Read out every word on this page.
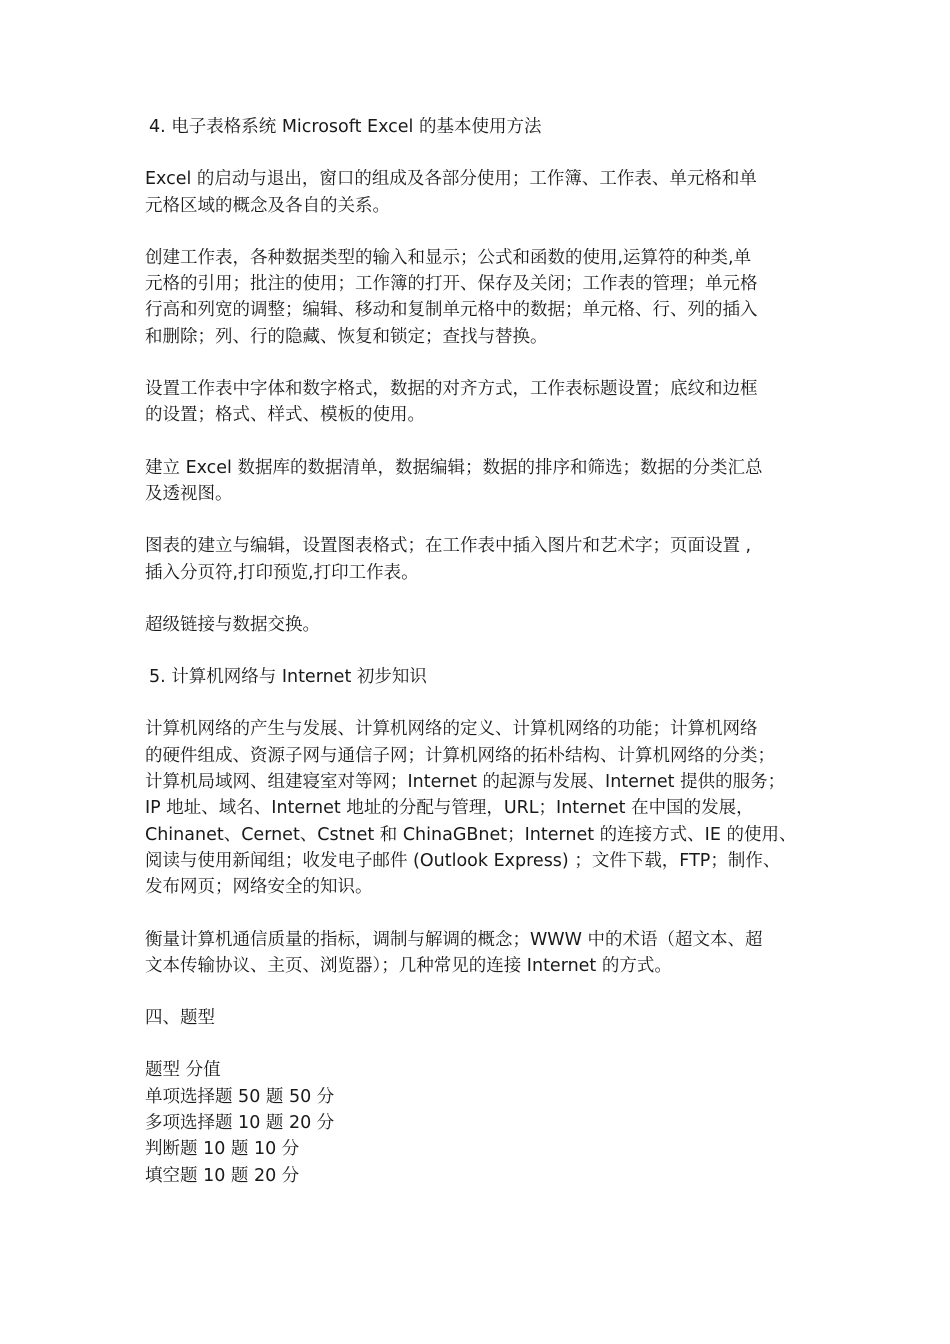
4. 电子表格系统 Microsoft Excel 的基本使用方法
Excel 的启动与退出，窗口的组成及各部分使用；工作簿、工作表、单元格和单
元格区域的概念及各自的关系。
创建工作表，各种数据类型的输入和显示；公式和函数的使用,运算符的种类,单
元格的引用；批注的使用；工作簿的打开、保存及关闭；工作表的管理；单元格
行高和列宽的调整；编辑、移动和复制单元格中的数据；单元格、行、列的插入
和删除；列、行的隐藏、恢复和锁定；查找与替换。
设置工作表中字体和数字格式，数据的对齐方式，工作表标题设置；底纹和边框
的设置；格式、样式、模板的使用。
建立 Excel 数据库的数据清单，数据编辑；数据的排序和筛选；数据的分类汇总
及透视图。
图表的建立与编辑，设置图表格式；在工作表中插入图片和艺术字；页面设置 ,
插入分页符,打印预览,打印工作表。
超级链接与数据交换。
5. 计算机网络与 Internet 初步知识
计算机网络的产生与发展、计算机网络的定义、计算机网络的功能；计算机网络
的硬件组成、资源子网与通信子网；计算机网络的拓朴结构、计算机网络的分类；
计算机局域网、组建寝室对等网；Internet 的起源与发展、Internet 提供的服务；
IP 地址、域名、Internet 地址的分配与管理，URL；Internet 在中国的发展，
Chinanet、Cernet、Cstnet 和 ChinaGBnet；Internet 的连接方式、IE 的使用、
阅读与使用新闻组；收发电子邮件 (Outlook Express) ；文件下载，FTP；制作、
发布网页；网络安全的知识。
衡量计算机通信质量的指标，调制与解调的概念；WWW 中的术语（超文本、超
文本传输协议、主页、浏览器）；几种常见的连接 Internet 的方式。
四、题型
题型 分值
单项选择题 50 题 50 分
多项选择题 10 题 20 分
判断题 10 题 10 分
填空题 10 题 20 分
